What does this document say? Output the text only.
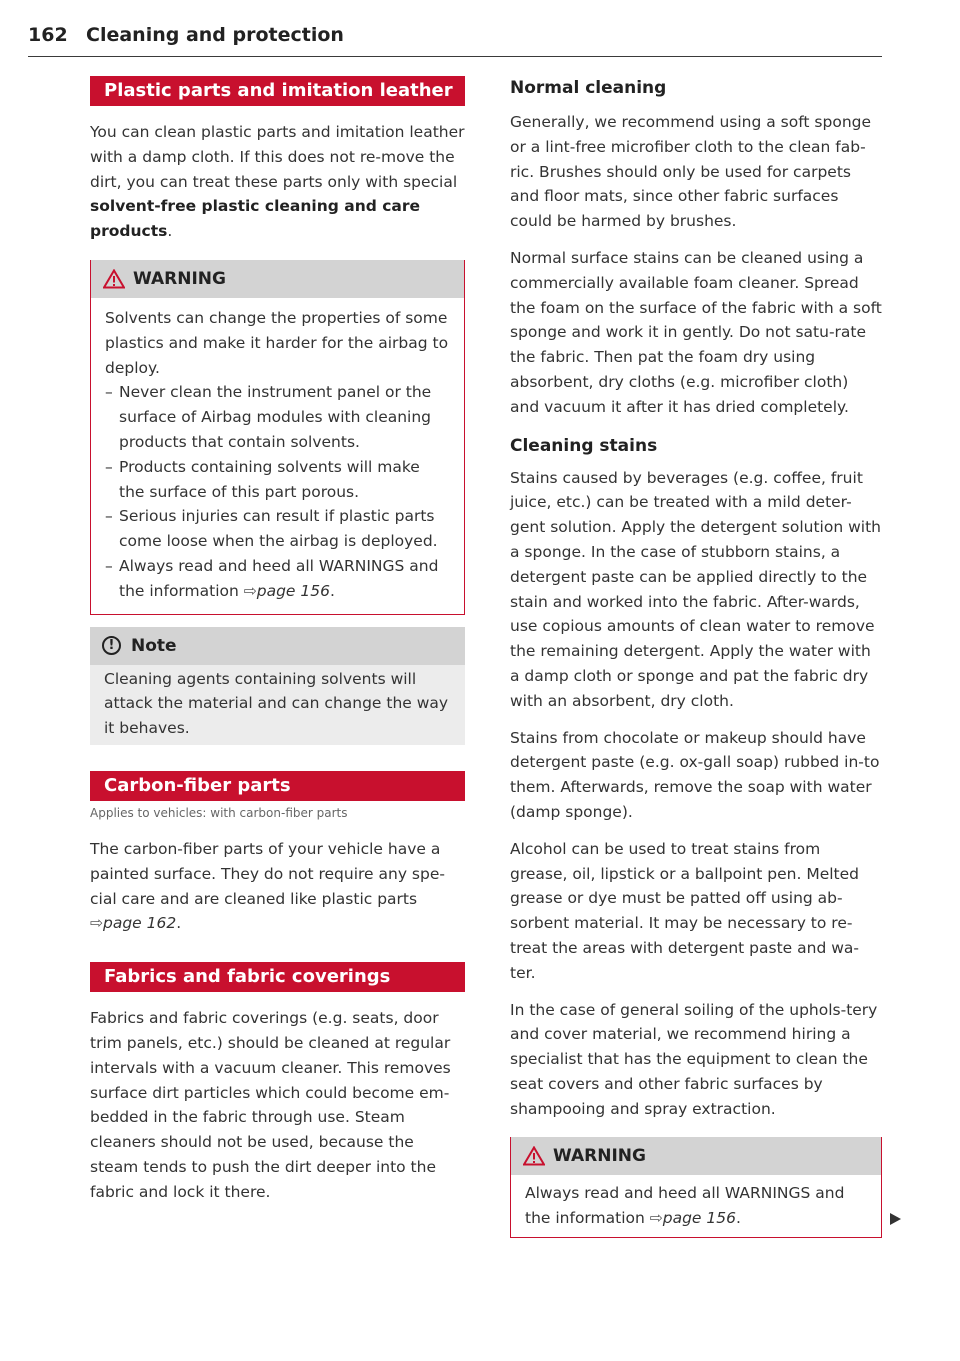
162 Cleaning and protection
Plastic parts and imitation leather

You can clean plastic parts and imitation leather with a damp cloth. If this does not re-move the dirt, you can treat these parts only with special solvent-free plastic cleaning and care products.

WARNING

Solvents can change the properties of some plastics and make it harder for the airbag to deploy.

– Never clean the instrument panel or the surface of Airbag modules with cleaning products that contain solvents.
– Products containing solvents will make the surface of this part porous.
– Serious injuries can result if plastic parts come loose when the airbag is deployed.
– Always read and heed all WARNINGS and the information ⇨page 156.
! Note

Cleaning agents containing solvents will attack the material and can change the way it behaves.

Carbon-fiber parts
Applies to vehicles: with carbon-fiber parts

The carbon-fiber parts of your vehicle have a painted surface. They do not require any spe-cial care and are cleaned like plastic parts
⇨page 162.

Fabrics and fabric coverings

Fabrics and fabric coverings (e.g. seats, door trim panels, etc.) should be cleaned at regular intervals with a vacuum cleaner. This removes surface dirt particles which could become em-bedded in the fabric through use. Steam cleaners should not be used, because the steam tends to push the dirt deeper into the fabric and lock it there.

Normal cleaning

Generally, we recommend using a soft sponge or a lint-free microfiber cloth to the clean fab-ric. Brushes should only be used for carpets and floor mats, since other fabric surfaces could be harmed by brushes.

Normal surface stains can be cleaned using a commercially available foam cleaner. Spread the foam on the surface of the fabric with a soft sponge and work it in gently. Do not satu-rate the fabric. Then pat the foam dry using absorbent, dry cloths (e.g. microfiber cloth) and vacuum it after it has dried completely.

Cleaning stains

Stains caused by beverages (e.g. coffee, fruit juice, etc.) can be treated with a mild deter-gent solution. Apply the detergent solution with a sponge. In the case of stubborn stains, a detergent paste can be applied directly to the stain and worked into the fabric. After-wards, use copious amounts of clean water to remove the remaining detergent. Apply the water with a damp cloth or sponge and pat the fabric dry with an absorbent, dry cloth.

Stains from chocolate or makeup should have detergent paste (e.g. ox-gall soap) rubbed in-to them. Afterwards, remove the soap with water (damp sponge).

Alcohol can be used to treat stains from grease, oil, lipstick or a ballpoint pen. Melted grease or dye must be patted off using ab-sorbent material. It may be necessary to re-treat the areas with detergent paste and wa-ter.

In the case of general soiling of the uphols-tery and cover material, we recommend hiring a specialist that has the equipment to clean the seat covers and other fabric surfaces by shampooing and spray extraction.

WARNING

Always read and heed all WARNINGS and the information ⇨page 156.
